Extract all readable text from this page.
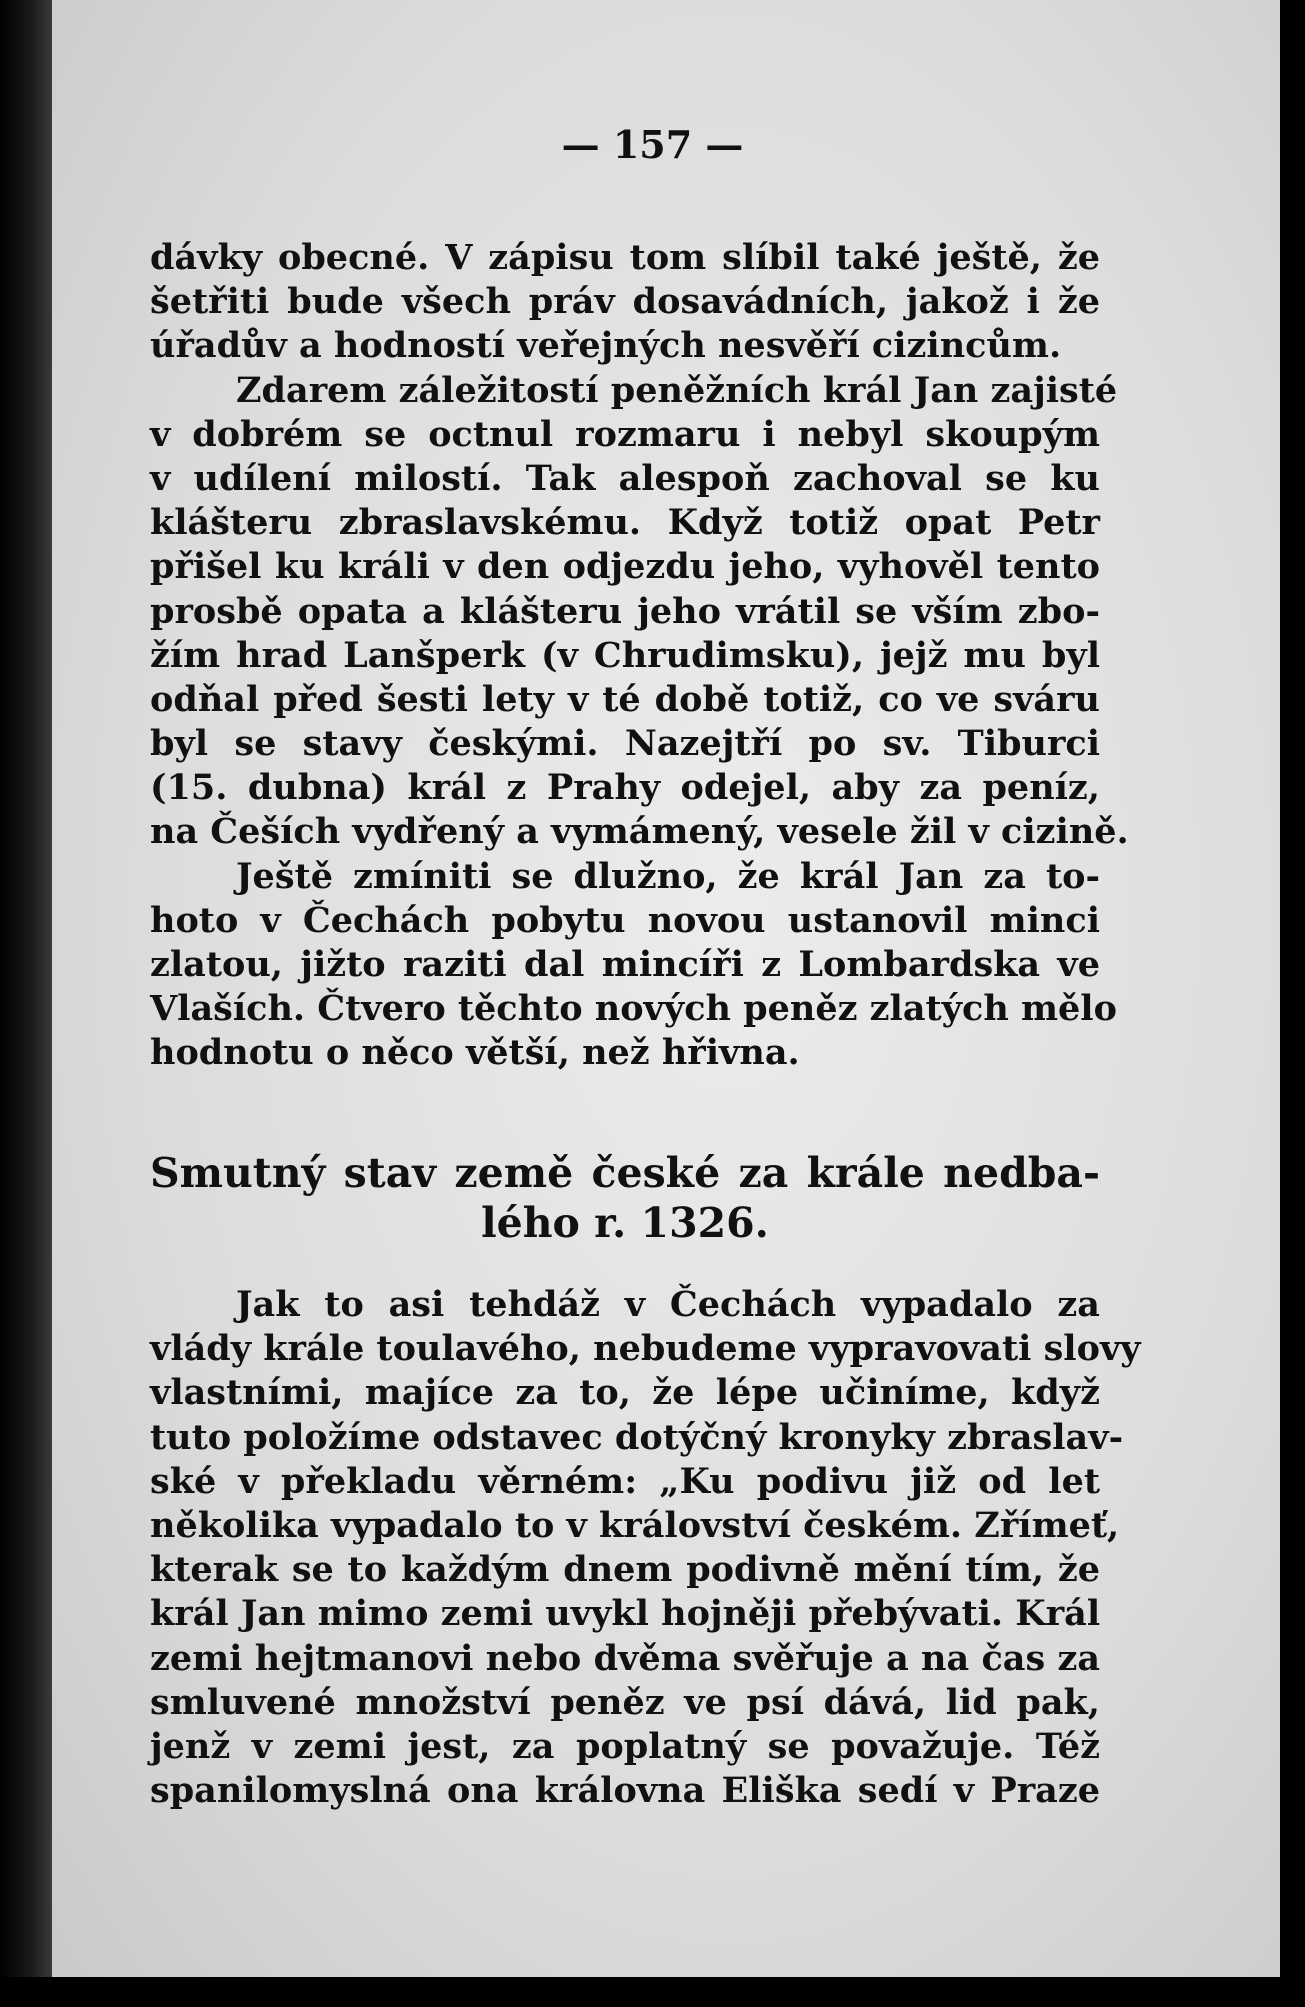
— 157 —
dávky obecné. V zápisu tom slíbil také ještě, že
šetřiti bude všech práv dosavádních, jakož i že
úřadův a hodností veřejných nesvěří cizincům.
Zdarem záležitostí peněžních král Jan zajisté
v dobrém se octnul rozmaru i nebyl skoupým
v udílení milostí. Tak alespoň zachoval se ku
klášteru zbraslavskému. Když totiž opat Petr
přišel ku králi v den odjezdu jeho, vyhověl tento
prosbě opata a klášteru jeho vrátil se vším zbo-
žím hrad Lanšperk (v Chrudimsku), jejž mu byl
odňal před šesti lety v té době totiž, co ve sváru
byl se stavy českými. Nazejtří po sv. Tiburci
(15. dubna) král z Prahy odejel, aby za peníz,
na Češích vydřený a vymámený, vesele žil v cizině.
Ještě zmíniti se dlužno, že král Jan za to-
hoto v Čechách pobytu novou ustanovil minci
zlatou, jižto raziti dal mincíři z Lombardska ve
Vlaších. Čtvero těchto nových peněz zlatých mělo
hodnotu o něco větší, než hřivna.
Smutný stav země české za krále nedba-
lého r. 1326.
Jak to asi tehdáž v Čechách vypadalo za
vlády krále toulavého, nebudeme vypravovati slovy
vlastními, majíce za to, že lépe učiníme, když
tuto položíme odstavec dotýčný kronyky zbraslav-
ské v překladu věrném: „Ku podivu již od let
několika vypadalo to v království českém. Zřímeť,
kterak se to každým dnem podivně mění tím, že
král Jan mimo zemi uvykl hojněji přebývati. Král
zemi hejtmanovi nebo dvěma svěřuje a na čas za
smluvené množství peněz ve psí dává, lid pak,
jenž v zemi jest, za poplatný se považuje. Též
spanilomyslná ona královna Eliška sedí v Praze
